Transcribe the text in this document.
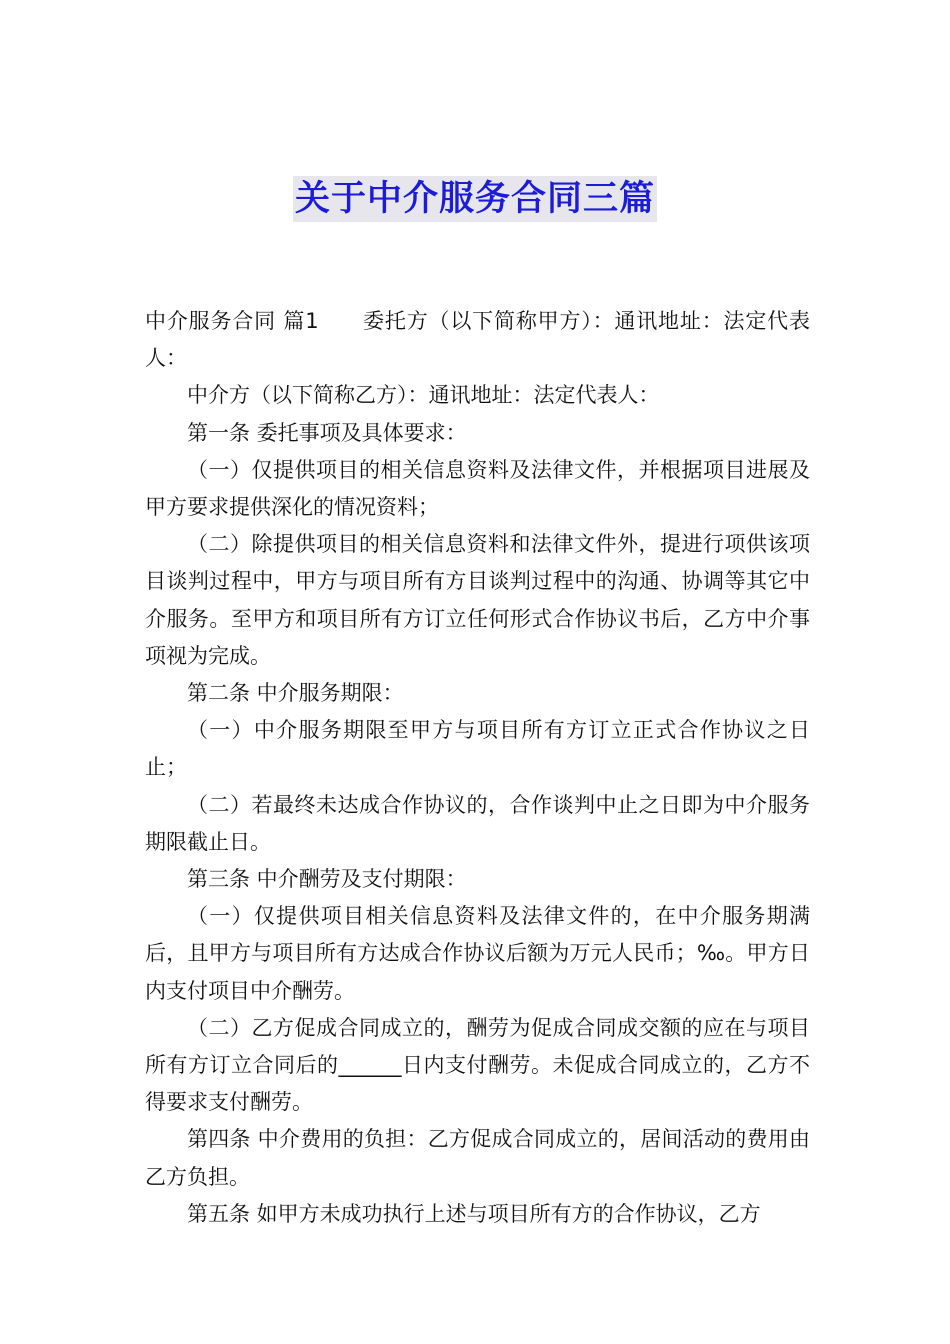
关于中介服务合同三篇

中介服务合同 篇1　　委托方（以下简称甲方）：通讯地址：法定代表人：

中介方（以下简称乙方）：通讯地址：法定代表人：

第一条 委托事项及具体要求：

（一）仅提供项目的相关信息资料及法律文件，并根据项目进展及甲方要求提供深化的情况资料；

（二）除提供项目的相关信息资料和法律文件外，提进行项供该项目谈判过程中，甲方与项目所有方目谈判过程中的沟通、协调等其它中介服务。至甲方和项目所有方订立任何形式合作协议书后，乙方中介事项视为完成。

第二条 中介服务期限：

（一）中介服务期限至甲方与项目所有方订立正式合作协议之日止；

（二）若最终未达成合作协议的，合作谈判中止之日即为中介服务期限截止日。

第三条 中介酬劳及支付期限：

（一）仅提供项目相关信息资料及法律文件的，在中介服务期满后，且甲方与项目所有方达成合作协议后额为万元人民币；‰。甲方日内支付项目中介酬劳。

（二）乙方促成合同成立的，酬劳为促成合同成交额的应在与项目所有方订立合同后的______日内支付酬劳。未促成合同成立的，乙方不得要求支付酬劳。

第四条 中介费用的负担：乙方促成合同成立的，居间活动的费用由乙方负担。

第五条 如甲方未成功执行上述与项目所有方的合作协议，乙方
